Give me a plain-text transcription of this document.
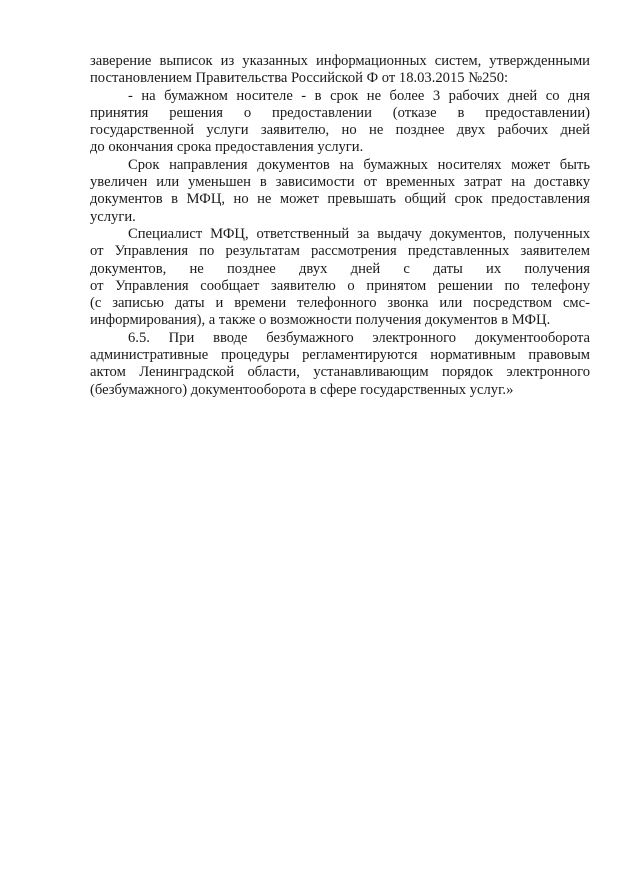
заверение выписок из указанных информационных систем, утвержденными
постановлением Правительства Российской Ф от 18.03.2015 №250:

- на бумажном носителе - в срок не более 3 рабочих дней со дня
принятия решения о предоставлении (отказе в предоставлении)
государственной услуги заявителю, но не позднее двух рабочих дней
до окончания срока предоставления услуги.

Срок направления документов на бумажных носителях может быть
увеличен или уменьшен в зависимости от временных затрат на доставку
документов в МФЦ, но не может превышать общий срок предоставления
услуги.

Специалист МФЦ, ответственный за выдачу документов, полученных
от Управления по результатам рассмотрения представленных заявителем
документов, не позднее двух дней с даты их получения
от Управления сообщает заявителю о принятом решении по телефону
(с записью даты и времени телефонного звонка или посредством смс-
информирования), а также о возможности получения документов в МФЦ.

6.5. При вводе безбумажного электронного документооборота
административные процедуры регламентируются нормативным правовым
актом Ленинградской области, устанавливающим порядок электронного
(безбумажного) документооборота в сфере государственных услуг.»
